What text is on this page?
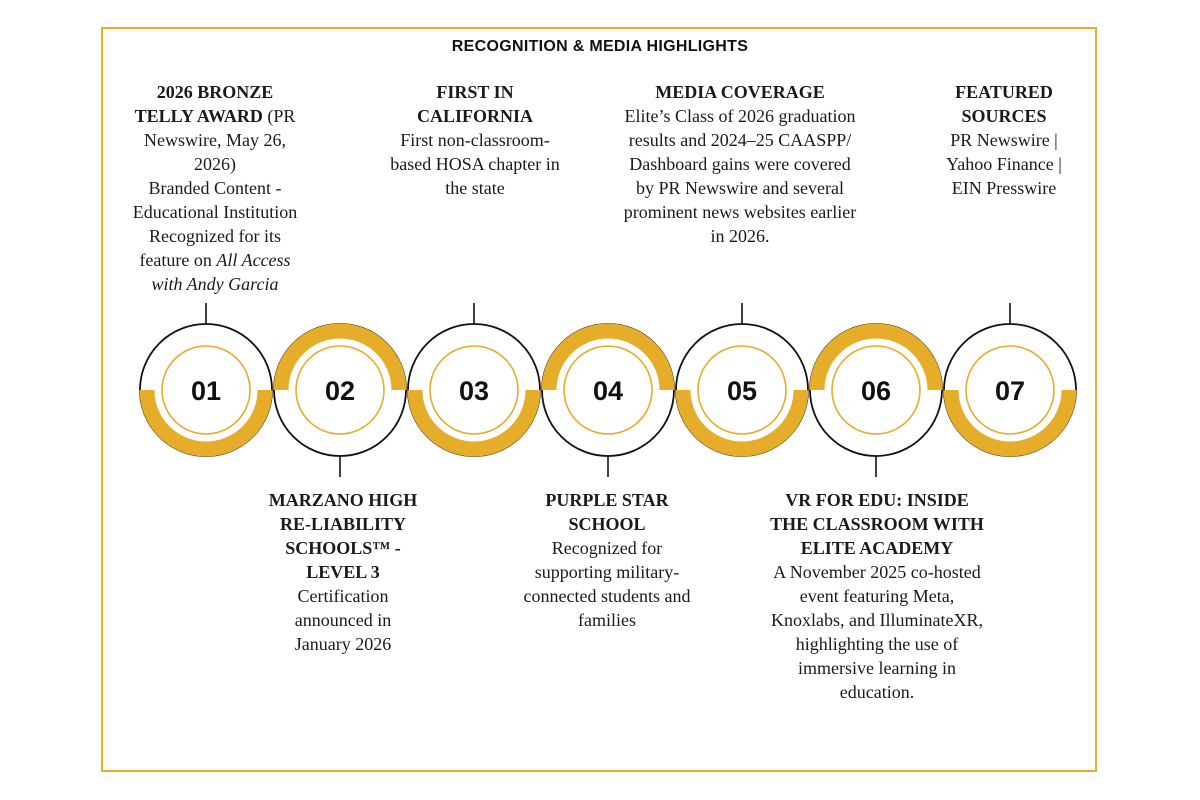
RECOGNITION & MEDIA HIGHLIGHTS
01	02	03	04	05	06	07
2026 BRONZE TELLY AWARD (PR Newswire, May 26, 2026)
Branded Content - Educational Institution Recognized for its feature on All Access with Andy Garcia
MARZANO HIGH RE-LIABILITY SCHOOLS™ - LEVEL 3
Certification announced in January 2026
FIRST IN CALIFORNIA
First non-classroom-based HOSA chapter in the state
PURPLE STAR SCHOOL
Recognized for supporting military-connected students and families
MEDIA COVERAGE
Elite’s Class of 2026 graduation results and 2024–25 CAASPP/ Dashboard gains were covered by PR Newswire and several prominent news websites earlier in 2026.
VR FOR EDU: INSIDE THE CLASSROOM WITH ELITE ACADEMY
A November 2025 co-hosted event featuring Meta, Knoxlabs, and IlluminateXR, highlighting the use of immersive learning in education.
FEATURED SOURCES
PR Newswire | Yahoo Finance | EIN Presswire
